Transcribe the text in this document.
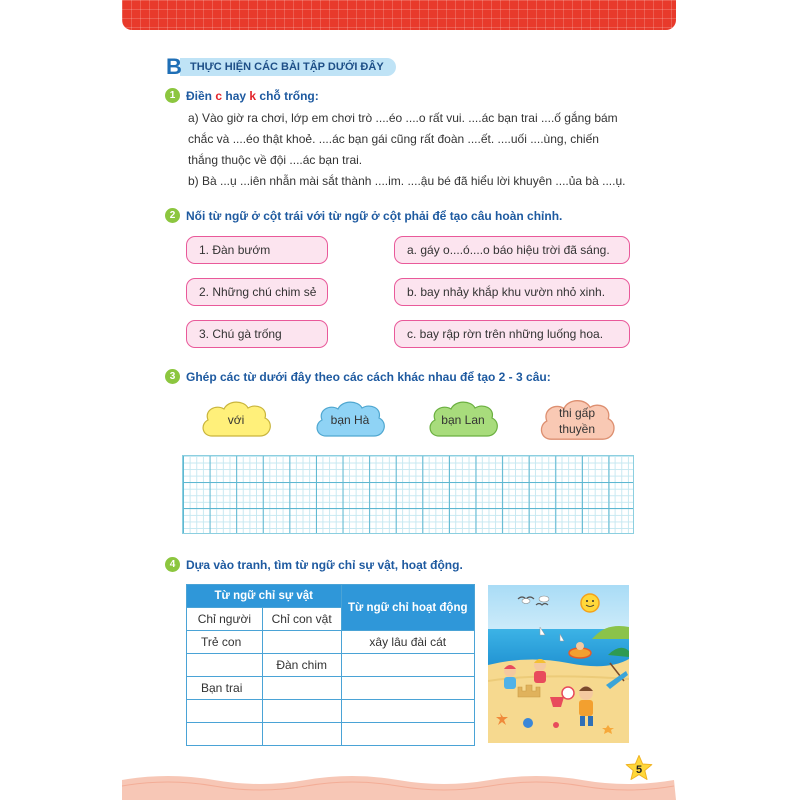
B THỰC HIỆN CÁC BÀI TẬP DƯỚI ĐÂY
1 Điền c hay k chỗ trống:
a) Vào giờ ra chơi, lớp em chơi trò ....éo ....o rất vui. ....ác bạn trai ....ố gắng bám
chắc và ....éo thật khoẻ. ....ác bạn gái cũng rất đoàn ....ết. ....uối ....ùng, chiến
thắng thuộc về đội ....ác bạn trai.
b) Bà ...ụ ...iên nhẫn mài sắt thành ....im. ....ậu bé đã hiểu lời khuyên ....ủa bà ....ụ.
2 Nối từ ngữ ở cột trái với từ ngữ ở cột phải để tạo câu hoàn chỉnh.
1. Đàn bướm
2. Những chú chim sẻ
3. Chú gà trống
a. gáy o....ó....o báo hiệu trời đã sáng.
b. bay nhảy khắp khu vườn nhỏ xinh.
c. bay rập rờn trên những luống hoa.
3 Ghép các từ dưới đây theo các cách khác nhau để tạo 2 - 3 câu:
với	bạn Hà	bạn Lan	thi gấp
thuyền
4 Dựa vào tranh, tìm từ ngữ chỉ sự vật, hoạt động.
Từ ngữ chỉ sự vật		Từ ngữ chỉ hoạt động
Chỉ người	Chỉ con vật	
Trẻ con		xây lâu đài cát
	Đàn chim	
Bạn trai		

5
